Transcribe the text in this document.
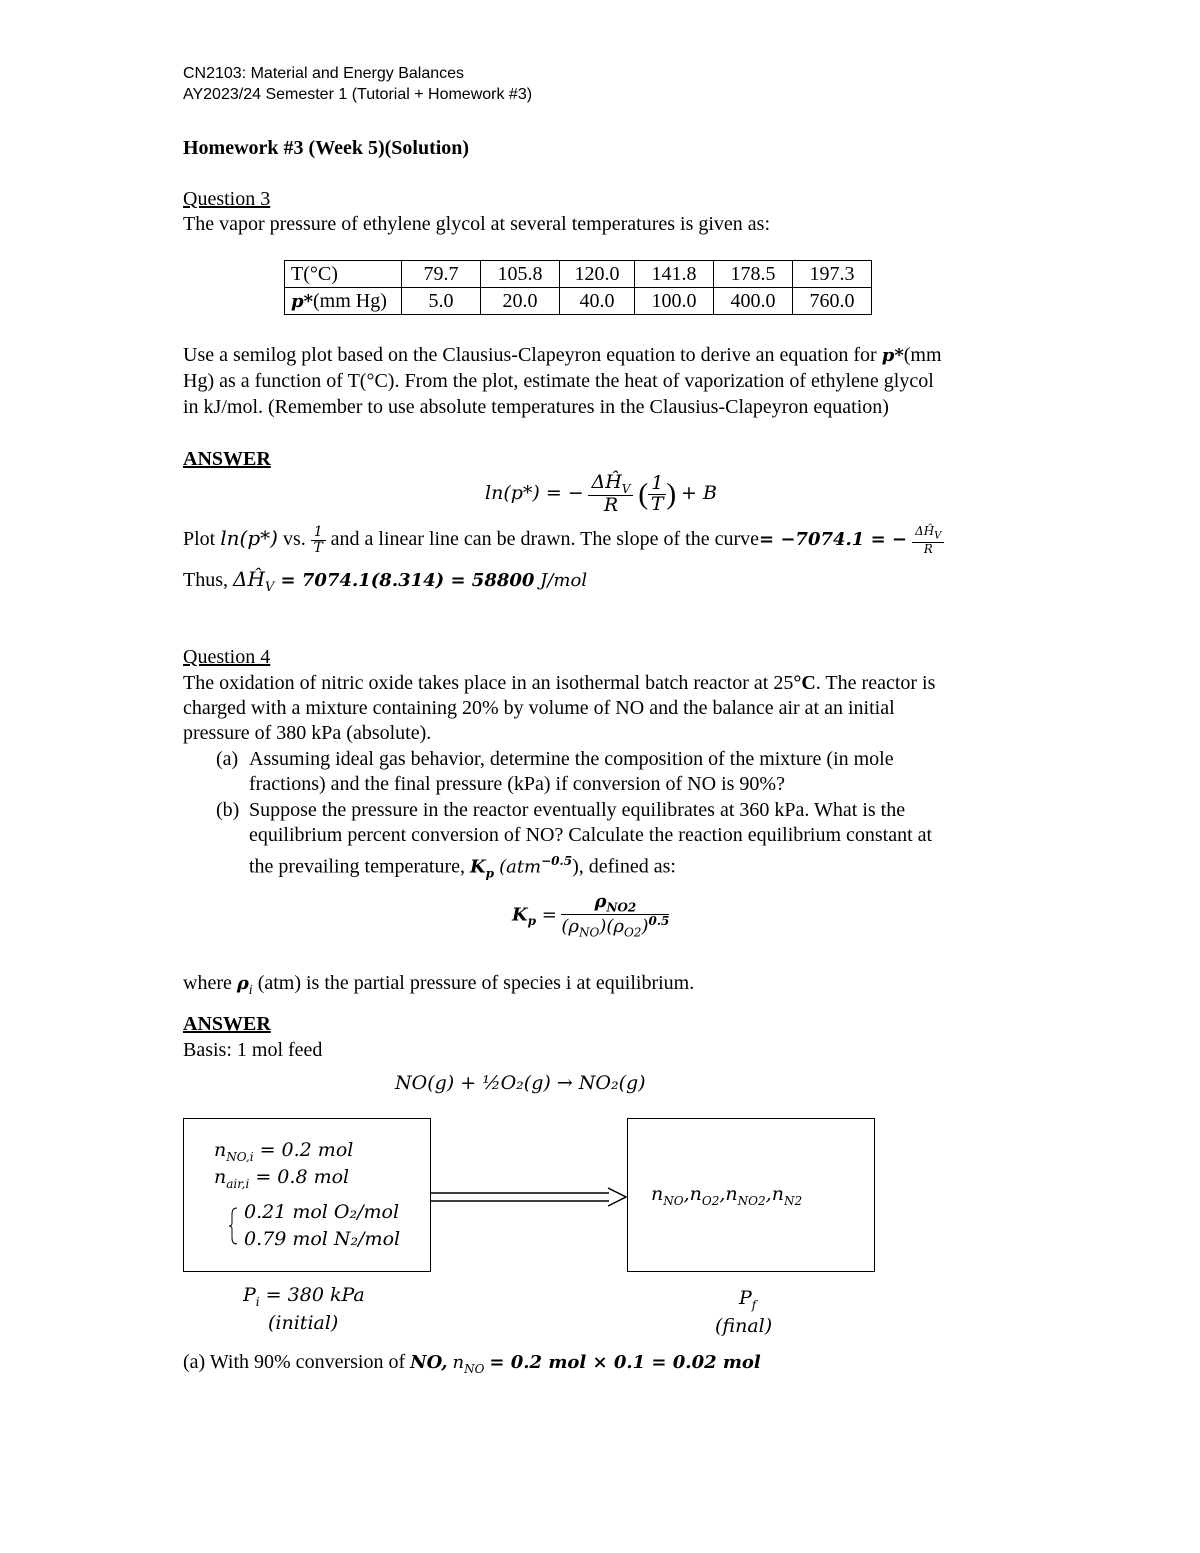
CN2103: Material and Energy Balances
AY2023/24 Semester 1 (Tutorial + Homework #3)
Homework #3 (Week 5)(Solution)
Question 3
The vapor pressure of ethylene glycol at several temperatures is given as:
T(°C)	79.7	105.8	120.0	141.8	178.5	197.3
p*(mm Hg)	5.0	20.0	40.0	100.0	400.0	760.0
Use a semilog plot based on the Clausius-Clapeyron equation to derive an equation for p*(mm
Hg) as a function of T(°C). From the plot, estimate the heat of vaporization of ethylene glycol
in kJ/mol. (Remember to use absolute temperatures in the Clausius-Clapeyron equation)
ANSWER
ln(p*) = − $\frac{\Delta Ĥ_V}{R}$ ( $\frac{1}{T}$ ) + B
Plot ln(p*) vs. $\frac{1}{T}$ and a linear line can be drawn. The slope of the curve= −7074.1 = − $\frac{\Delta Ĥ_V}{R}$
Thus, $\Delta Ĥ_V = 7074.1(8.314) = 58800$ J/mol
Question 4
The oxidation of nitric oxide takes place in an isothermal batch reactor at 25°C. The reactor is
charged with a mixture containing 20% by volume of NO and the balance air at an initial
pressure of 380 kPa (absolute).
(a) Assuming ideal gas behavior, determine the composition of the mixture (in mole
fractions) and the final pressure (kPa) if conversion of NO is 90%?
(b) Suppose the pressure in the reactor eventually equilibrates at 360 kPa. What is the
equilibrium percent conversion of NO? Calculate the reaction equilibrium constant at
the prevailing temperature, $K_p$ (atm$^{-0.5}$), defined as:
$K_p = \frac{\rho_{NO2}}{(\rho_{NO})(\rho_{O2})^{0.5}}$
where $\rho_i$ (atm) is the partial pressure of species i at equilibrium.
ANSWER
Basis: 1 mol feed
NO(g) + ½O₂(g) → NO₂(g)
$n_{NO,i} = 0.2$ mol
$n_{air,i} = 0.8$ mol
0.21 mol O₂/mol
0.79 mol N₂/mol
$n_{NO},n_{O2},n_{NO2},n_{N2}$
$P_i = 380$ kPa
(initial)
$P_f$
(final)
(a) With 90% conversion of NO, $n_{NO} = 0.2$ mol × 0.1 = 0.02 mol
